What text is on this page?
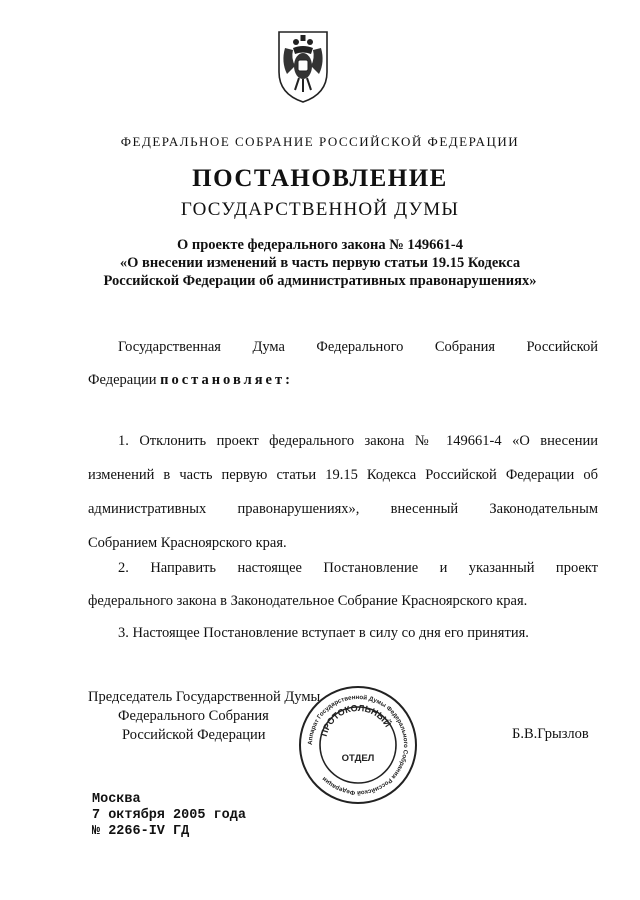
ФЕДЕРАЛЬНОЕ СОБРАНИЕ РОССИЙСКОЙ ФЕДЕРАЦИИ
ПОСТАНОВЛЕНИЕ
ГОСУДАРСТВЕННОЙ ДУМЫ
О проекте федерального закона № 149661-4
«О внесении изменений в часть первую статьи 19.15 Кодекса
Российской Федерации об административных правонарушениях»
Государственная Дума Федерального Собрания Российской
Федерации постановляет:
1. Отклонить проект федерального закона № 149661-4 «О внесении
изменений в часть первую статьи 19.15 Кодекса Российской Федерации об
административных правонарушениях», внесенный Законодательным
Собранием Красноярского края.
2. Направить настоящее Постановление и указанный проект
федерального закона в Законодательное Собрание Красноярского края.
3. Настоящее Постановление вступает в силу со дня его принятия.
Председатель Государственной Думы
Федерального Собрания
Российской Федерации	Аппарат Государственной Думы Федерального Собрания Российской Федерации
ПРОТОКОЛЬНЫЙ
ОТДЕЛ
Б.В.Грызлов
Москва
7 октября 2005 года
№ 2266-IV ГД
